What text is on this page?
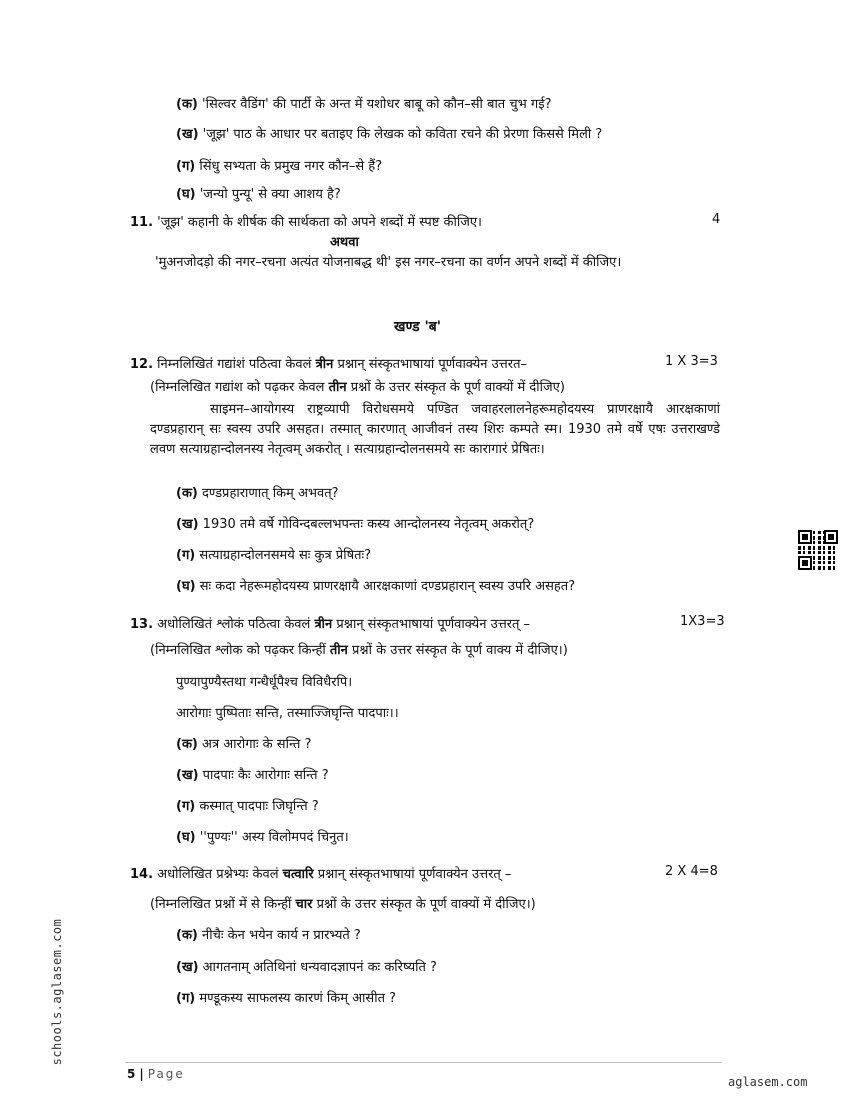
(क) 'सिल्वर वैडिंग' की पार्टी के अन्त में यशोधर बाबू को कौन–सी बात चुभ गई?
(ख) 'जूझ' पाठ के आधार पर बताइए कि लेखक को कविता रचने की प्रेरणा किससे मिली ?
(ग) सिंधु सभ्यता के प्रमुख नगर कौन–से हैं?
(घ) 'जन्यो पुन्यू' से क्या आशय है?
11. 'जूझ' कहानी के शीर्षक की सार्थकता को अपने शब्दों में स्पष्ट कीजिए।	4
अथवा
'मुअनजोदड़ो की नगर–रचना अत्यंत योजनाबद्ध थी' इस नगर–रचना का वर्णन अपने शब्दों में कीजिए।
खण्ड 'ब'
12. निम्नलिखितं गद्यांशं पठित्वा केवलं त्रीन प्रश्नान् संस्कृतभाषायां पूर्णवाक्येन उत्तरत–	1 X 3=3
(निम्नलिखित गद्यांश को पढ़कर केवल तीन प्रश्नों के उत्तर संस्कृत के पूर्ण वाक्यों में दीजिए)
साइमन–आयोगस्य राष्ट्रव्यापी विरोधसमये पण्डित जवाहरलालनेहरूमहोदयस्य प्राणरक्षायै आरक्षकाणां दण्डप्रहारान् सः स्वस्य उपरि असहत। तस्मात् कारणात् आजीवनं तस्य शिरः कम्पते स्म। 1930 तमे वर्षे एषः उत्तराखण्डे लवण सत्याग्रहान्दोलनस्य नेतृत्वम् अकरोत् । सत्याग्रहान्दोलनसमये सः कारागारं प्रेषितः।
(क) दण्डप्रहाराणात् किम् अभवत्?
(ख) 1930 तमे वर्षे गोविन्दबल्लभपन्तः कस्य आन्दोलनस्य नेतृत्वम् अकरोत्?
(ग) सत्याग्रहान्दोलनसमये सः कुत्र प्रेषितः?
(घ) सः कदा नेहरूमहोदयस्य प्राणरक्षायै आरक्षकाणां दण्डप्रहारान् स्वस्य उपरि असहत?
13. अधोलिखितं श्लोकं पठित्वा केवलं त्रीन प्रश्नान् संस्कृतभाषायां पूर्णवाक्येन उत्तरत् –	1X3=3
(निम्नलिखित श्लोक को पढ़कर किन्हीं तीन प्रश्नों के उत्तर संस्कृत के पूर्ण वाक्य में दीजिए।)
पुण्यापुण्यैस्तथा गन्धैर्धूपैश्च विविधैरपि।
आरोगाः पुष्पिताः सन्ति, तस्माज्जिघृन्ति पादपाः।।
(क) अत्र आरोगाः के सन्ति ?
(ख) पादपाः कैः आरोगाः सन्ति ?
(ग) कस्मात् पादपाः जिघृन्ति ?
(घ) ''पुण्यः'' अस्य विलोमपदं चिनुत।
14. अधोलिखित प्रश्नेभ्यः केवलं चत्वारि प्रश्नान् संस्कृतभाषायां पूर्णवाक्येन उत्तरत् –	2 X 4=8
(निम्नलिखित प्रश्नों में से किन्हीं चार प्रश्नों के उत्तर संस्कृत के पूर्ण वाक्यों में दीजिए।)
(क) नीचैः केन भयेन कार्य न प्रारभ्यते ?
(ख) आगतनाम् अतिथिनां धन्यवादज्ञापनं कः करिष्यति ?
(ग) मण्डूकस्य साफलस्य कारणं किम् आसीत ?
schools.aglasem.com
5 | Page
aglasem.com
